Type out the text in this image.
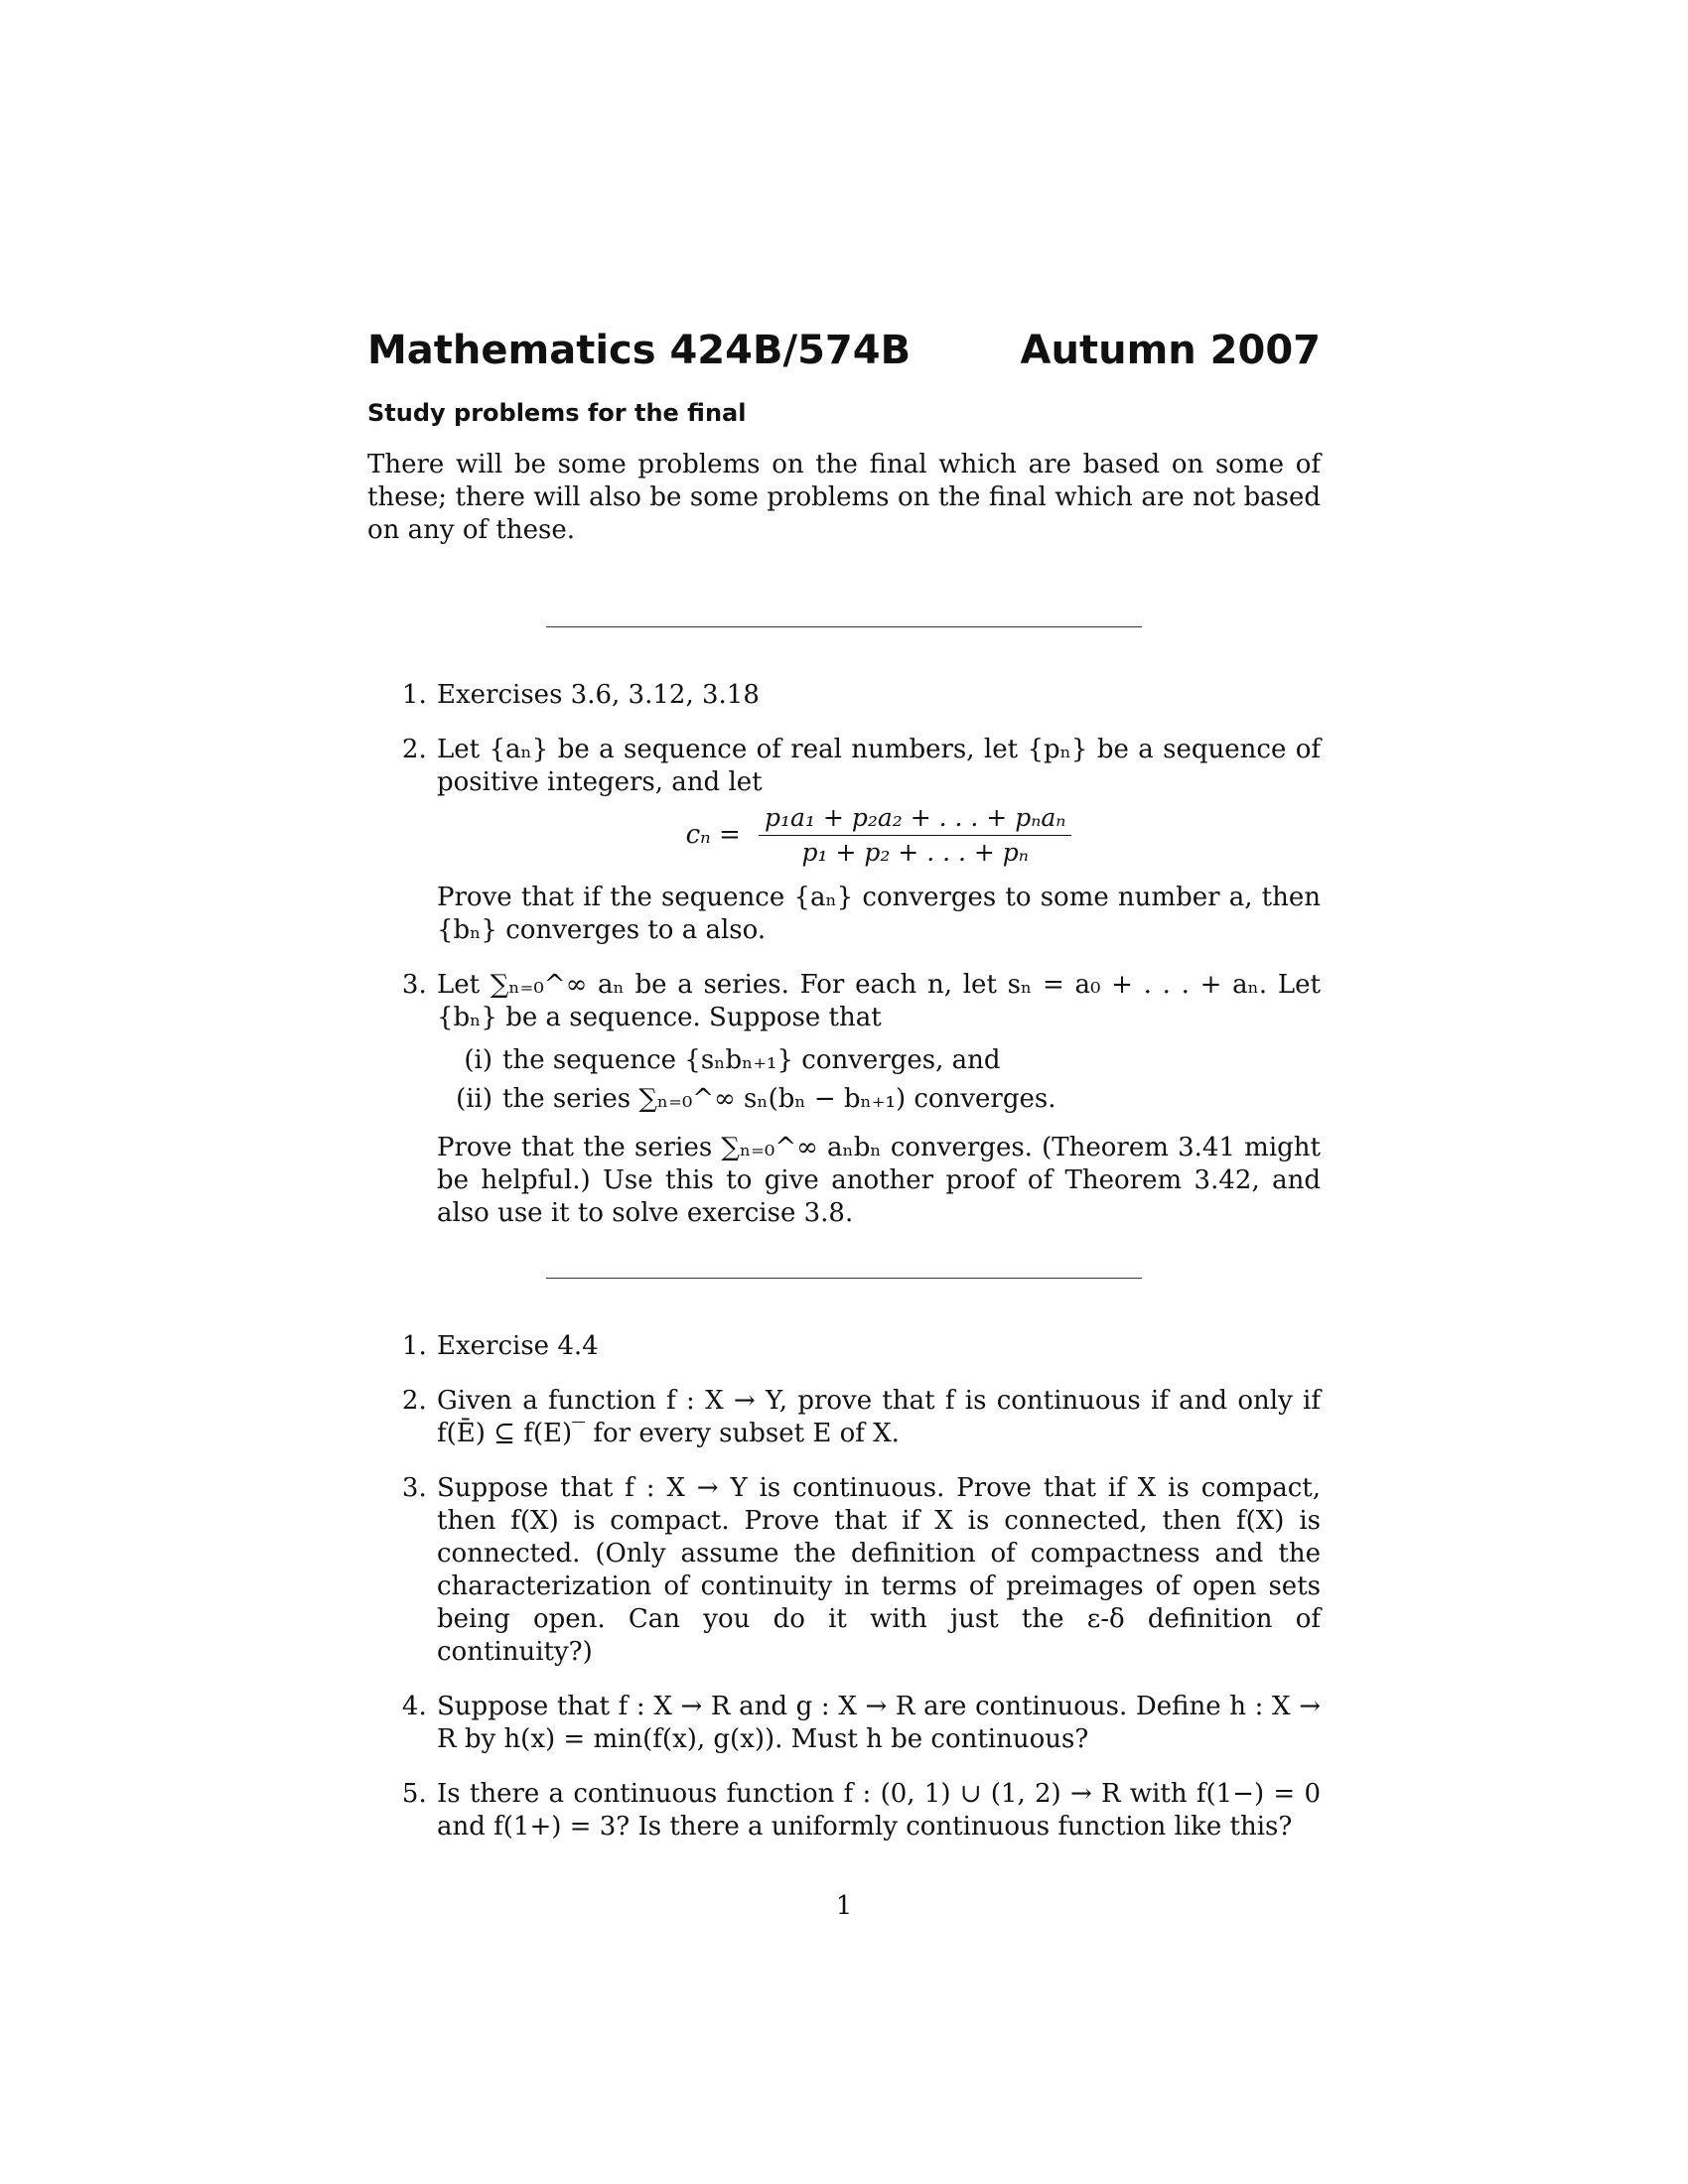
Mathematics 424B/574B	Autumn 2007
Study problems for the final
There will be some problems on the final which are based on some of these; there will also be some problems on the final which are not based on any of these.
1. Exercises 3.6, 3.12, 3.18
2. Let {aₙ} be a sequence of real numbers, let {pₙ} be a sequence of positive integers, and let
$c_n = \frac{\text{p₁a₁ + p₂a₂ + . . . + pₙaₙ}}{\text{p₁ + p₂ + . . . + pₙ}}$
Prove that if the sequence {aₙ} converges to some number a, then {bₙ} converges to a also.
3. Let ∑ₙ₌₀^∞ aₙ be a series. For each n, let sₙ = a₀ + . . . + aₙ. Let {bₙ} be a sequence. Suppose that
(i) the sequence {sₙbₙ₊₁} converges, and
(ii) the series ∑ₙ₌₀^∞ sₙ(bₙ − bₙ₊₁) converges.
Prove that the series ∑ₙ₌₀^∞ aₙbₙ converges. (Theorem 3.41 might be helpful.) Use this to give another proof of Theorem 3.42, and also use it to solve exercise 3.8.
1. Exercise 4.4
2. Given a function f : X → Y, prove that f is continuous if and only if f(Ē) ⊆ f(E)‾ for every subset E of X.
3. Suppose that f : X → Y is continuous. Prove that if X is compact, then f(X) is compact. Prove that if X is connected, then f(X) is connected. (Only assume the definition of compactness and the characterization of continuity in terms of preimages of open sets being open. Can you do it with just the ε-δ definition of continuity?)
4. Suppose that f : X → R and g : X → R are continuous. Define h : X → R by h(x) = min(f(x), g(x)). Must h be continuous?
5. Is there a continuous function f : (0, 1) ∪ (1, 2) → R with f(1−) = 0 and f(1+) = 3? Is there a uniformly continuous function like this?
1
